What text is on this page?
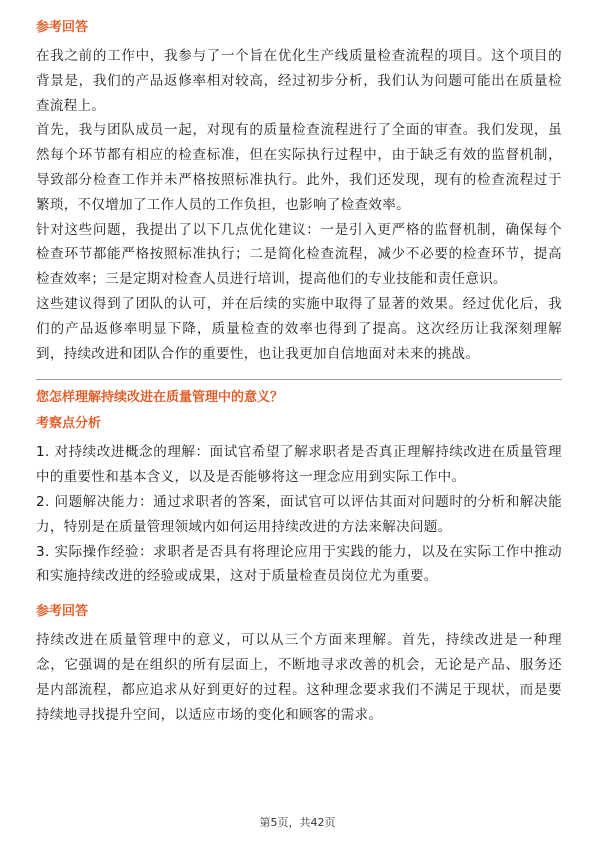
参考回答

在我之前的工作中，我参与了一个旨在优化生产线质量检查流程的项目。这个项目的背景是，我们的产品返修率相对较高，经过初步分析，我们认为问题可能出在质量检查流程上。

首先，我与团队成员一起，对现有的质量检查流程进行了全面的审查。我们发现，虽然每个环节都有相应的检查标准，但在实际执行过程中，由于缺乏有效的监督机制，导致部分检查工作并未严格按照标准执行。此外，我们还发现，现有的检查流程过于繁琐，不仅增加了工作人员的工作负担，也影响了检查效率。

针对这些问题，我提出了以下几点优化建议：一是引入更严格的监督机制，确保每个检查环节都能严格按照标准执行；二是简化检查流程，减少不必要的检查环节，提高检查效率；三是定期对检查人员进行培训，提高他们的专业技能和责任意识。

这些建议得到了团队的认可，并在后续的实施中取得了显著的效果。经过优化后，我们的产品返修率明显下降，质量检查的效率也得到了提高。这次经历让我深刻理解到，持续改进和团队合作的重要性，也让我更加自信地面对未来的挑战。

您怎样理解持续改进在质量管理中的意义？

考察点分析

1. 对持续改进概念的理解：面试官希望了解求职者是否真正理解持续改进在质量管理中的重要性和基本含义，以及是否能够将这一理念应用到实际工作中。

2. 问题解决能力：通过求职者的答案，面试官可以评估其面对问题时的分析和解决能力，特别是在质量管理领域内如何运用持续改进的方法来解决问题。

3. 实际操作经验：求职者是否具有将理论应用于实践的能力，以及在实际工作中推动和实施持续改进的经验或成果，这对于质量检查员岗位尤为重要。

参考回答

持续改进在质量管理中的意义，可以从三个方面来理解。首先，持续改进是一种理念，它强调的是在组织的所有层面上，不断地寻求改善的机会，无论是产品、服务还是内部流程，都应追求从好到更好的过程。这种理念要求我们不满足于现状，而是要持续地寻找提升空间，以适应市场的变化和顾客的需求。

第5页，共42页
